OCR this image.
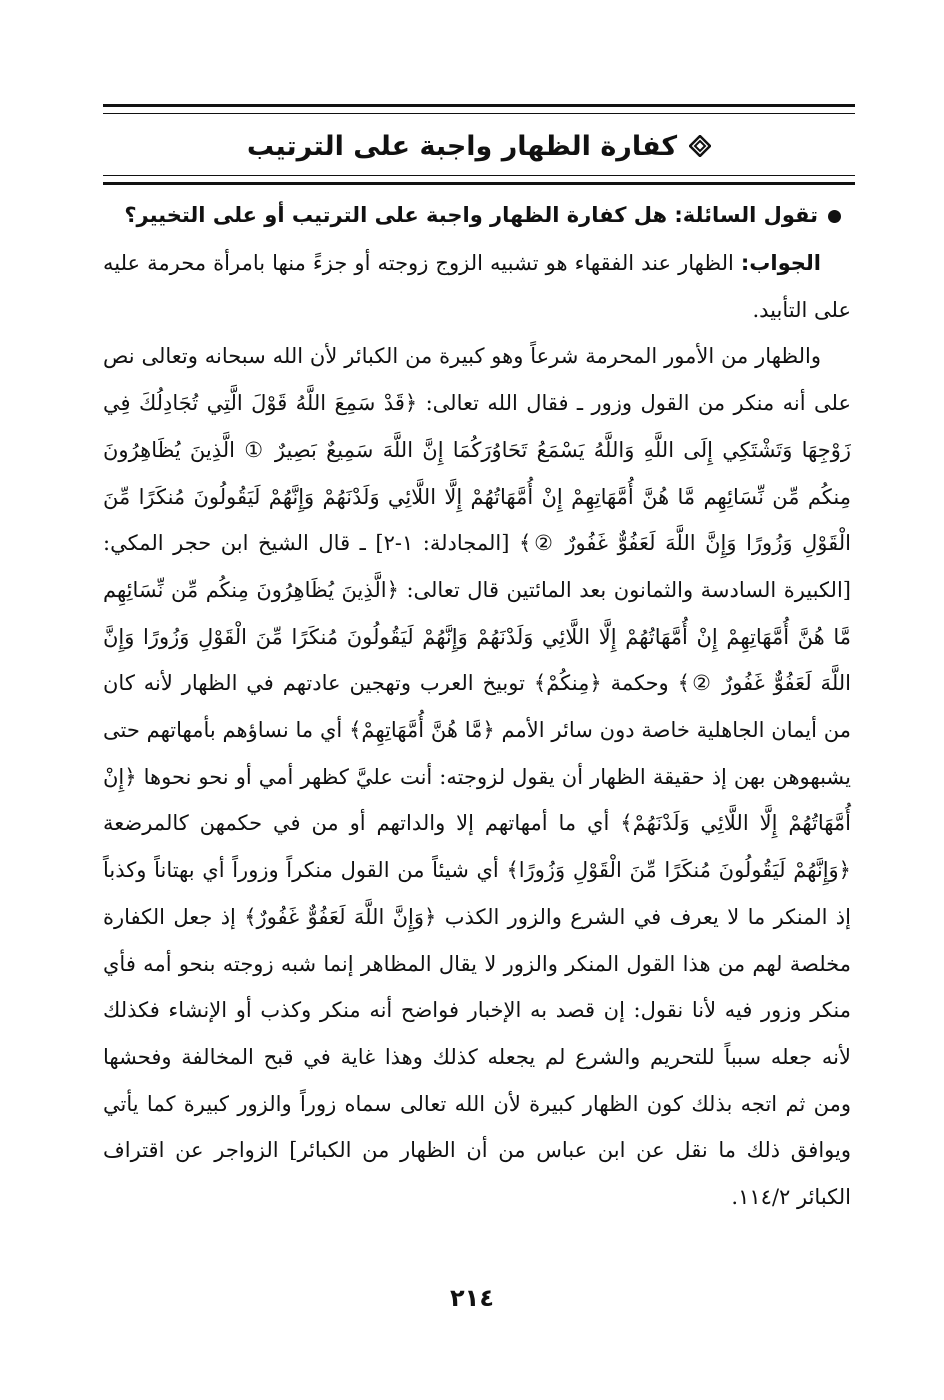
كفارة الظهار واجبة على الترتيب

تقول السائلة: هل كفارة الظهار واجبة على الترتيب أو على التخيير؟

الجواب: الظهار عند الفقهاء هو تشبيه الزوج زوجته أو جزءً منها بامرأة محرمة عليه على التأبيد.

والظهار من الأمور المحرمة شرعاً وهو كبيرة من الكبائر لأن الله سبحانه وتعالى نص على أنه منكر من القول وزور ـ فقال الله تعالى: ﴿قَدْ سَمِعَ اللَّهُ قَوْلَ الَّتِي تُجَادِلُكَ فِي زَوْجِهَا وَتَشْتَكِي إِلَى اللَّهِ وَاللَّهُ يَسْمَعُ تَحَاوُرَكُمَا إِنَّ اللَّهَ سَمِيعٌ بَصِيرٌ ① الَّذِينَ يُظَاهِرُونَ مِنكُم مِّن نِّسَائِهِم مَّا هُنَّ أُمَّهَاتِهِمْ إِنْ أُمَّهَاتُهُمْ إِلَّا اللَّائِي وَلَدْنَهُمْ وَإِنَّهُمْ لَيَقُولُونَ مُنكَرًا مِّنَ الْقَوْلِ وَزُورًا وَإِنَّ اللَّهَ لَعَفُوٌّ غَفُورٌ ②﴾ [المجادلة: ١-٢] ـ قال الشيخ ابن حجر المكي: [الكبيرة السادسة والثمانون بعد المائتين قال تعالى: ﴿الَّذِينَ يُظَاهِرُونَ مِنكُم مِّن نِّسَائِهِم مَّا هُنَّ أُمَّهَاتِهِمْ إِنْ أُمَّهَاتُهُمْ إِلَّا اللَّائِي وَلَدْنَهُمْ وَإِنَّهُمْ لَيَقُولُونَ مُنكَرًا مِّنَ الْقَوْلِ وَزُورًا وَإِنَّ اللَّهَ لَعَفُوٌّ غَفُورٌ ②﴾ وحكمة ﴿مِنكُمْ﴾ توبيخ العرب وتهجين عادتهم في الظهار لأنه كان من أيمان الجاهلية خاصة دون سائر الأمم ﴿مَّا هُنَّ أُمَّهَاتِهِمْ﴾ أي ما نساؤهم بأمهاتهم حتى يشبهوهن بهن إذ حقيقة الظهار أن يقول لزوجته: أنت عليَّ كظهر أمي أو نحو نحوها ﴿إِنْ أُمَّهَاتُهُمْ إِلَّا اللَّائِي وَلَدْنَهُمْ﴾ أي ما أمهاتهم إلا والداتهم أو من في حكمهن كالمرضعة ﴿وَإِنَّهُمْ لَيَقُولُونَ مُنكَرًا مِّنَ الْقَوْلِ وَزُورًا﴾ أي شيئاً من القول منكراً وزوراً أي بهتاناً وكذباً إذ المنكر ما لا يعرف في الشرع والزور الكذب ﴿وَإِنَّ اللَّهَ لَعَفُوٌّ غَفُورٌ﴾ إذ جعل الكفارة مخلصة لهم من هذا القول المنكر والزور لا يقال المظاهر إنما شبه زوجته بنحو أمه فأي منكر وزور فيه لأنا نقول: إن قصد به الإخبار فواضح أنه منكر وكذب أو الإنشاء فكذلك لأنه جعله سبباً للتحريم والشرع لم يجعله كذلك وهذا غاية في قبح المخالفة وفحشها ومن ثم اتجه بذلك كون الظهار كبيرة لأن الله تعالى سماه زوراً والزور كبيرة كما يأتي ويوافق ذلك ما نقل عن ابن عباس من أن الظهار من الكبائر] الزواجر عن اقتراف الكبائر ١١٤/٢.

٢١٤
